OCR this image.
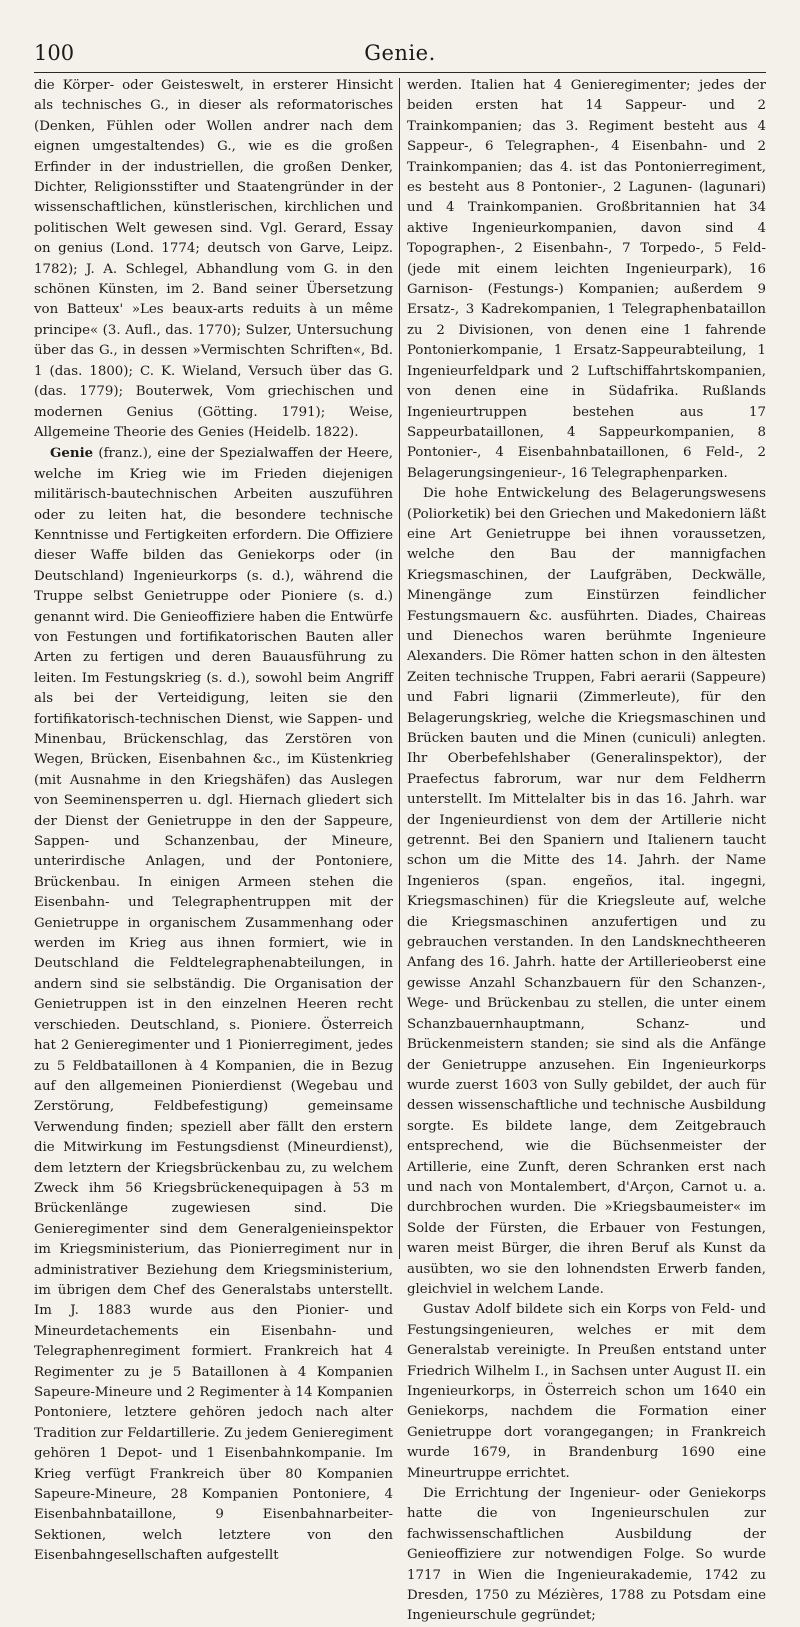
100	Genie.

die Körper- oder Geisteswelt, in ersterer Hinsicht als technisches G., in dieser als reformatorisches (Denken, Fühlen oder Wollen andrer nach dem eignen umgestaltendes) G., wie es die großen Erfinder in der industriellen, die großen Denker, Dichter, Religionsstifter und Staatengründer in der wissenschaftlichen, künstlerischen, kirchlichen und politischen Welt gewesen sind. Vgl. Gerard, Essay on genius (Lond. 1774; deutsch von Garve, Leipz. 1782); J. A. Schlegel, Abhandlung vom G. in den schönen Künsten, im 2. Band seiner Übersetzung von Batteux' »Les beaux-arts reduits à un même principe« (3. Aufl., das. 1770); Sulzer, Untersuchung über das G., in dessen »Vermischten Schriften«, Bd. 1 (das. 1800); C. K. Wieland, Versuch über das G. (das. 1779); Bouterwek, Vom griechischen und modernen Genius (Götting. 1791); Weise, Allgemeine Theorie des Genies (Heidelb. 1822).

Genie (franz.), eine der Spezialwaffen der Heere, welche im Krieg wie im Frieden diejenigen militärisch-bautechnischen Arbeiten auszuführen oder zu leiten hat, die besondere technische Kenntnisse und Fertigkeiten erfordern. Die Offiziere dieser Waffe bilden das Geniekorps oder (in Deutschland) Ingenieurkorps (s. d.), während die Truppe selbst Genietruppe oder Pioniere (s. d.) genannt wird. Die Genieoffiziere haben die Entwürfe von Festungen und fortifikatorischen Bauten aller Arten zu fertigen und deren Bauausführung zu leiten. Im Festungskrieg (s. d.), sowohl beim Angriff als bei der Verteidigung, leiten sie den fortifikatorisch-technischen Dienst, wie Sappen- und Minenbau, Brückenschlag, das Zerstören von Wegen, Brücken, Eisenbahnen &c., im Küstenkrieg (mit Ausnahme in den Kriegshäfen) das Auslegen von Seeminensperren u. dgl. Hiernach gliedert sich der Dienst der Genietruppe in den der Sappeure, Sappen- und Schanzenbau, der Mineure, unterirdische Anlagen, und der Pontoniere, Brückenbau. In einigen Armeen stehen die Eisenbahn- und Telegraphentruppen mit der Genietruppe in organischem Zusammenhang oder werden im Krieg aus ihnen formiert, wie in Deutschland die Feldtelegraphenabteilungen, in andern sind sie selbständig. Die Organisation der Genietruppen ist in den einzelnen Heeren recht verschieden. Deutschland, s. Pioniere. Österreich hat 2 Genieregimenter und 1 Pionierregiment, jedes zu 5 Feldbataillonen à 4 Kompanien, die in Bezug auf den allgemeinen Pionierdienst (Wegebau und Zerstörung, Feldbefestigung) gemeinsame Verwendung finden; speziell aber fällt den erstern die Mitwirkung im Festungsdienst (Mineurdienst), dem letztern der Kriegsbrückenbau zu, zu welchem Zweck ihm 56 Kriegsbrückenequipagen à 53 m Brückenlänge zugewiesen sind. Die Genieregimenter sind dem Generalgenieinspektor im Kriegsministerium, das Pionierregiment nur in administrativer Beziehung dem Kriegsministerium, im übrigen dem Chef des Generalstabs unterstellt. Im J. 1883 wurde aus den Pionier- und Mineurdetachements ein Eisenbahn- und Telegraphenregiment formiert. Frankreich hat 4 Regimenter zu je 5 Bataillonen à 4 Kompanien Sapeure-Mineure und 2 Regimenter à 14 Kompanien Pontoniere, letztere gehören jedoch nach alter Tradition zur Feldartillerie. Zu jedem Genieregiment gehören 1 Depot- und 1 Eisenbahnkompanie. Im Krieg verfügt Frankreich über 80 Kompanien Sapeure-Mineure, 28 Kompanien Pontoniere, 4 Eisenbahnbataillone, 9 Eisenbahnarbeiter-Sektionen, welch letztere von den Eisenbahngesellschaften aufgestellt

werden. Italien hat 4 Genieregimenter; jedes der beiden ersten hat 14 Sappeur- und 2 Trainkompanien; das 3. Regiment besteht aus 4 Sappeur-, 6 Telegraphen-, 4 Eisenbahn- und 2 Trainkompanien; das 4. ist das Pontonierregiment, es besteht aus 8 Pontonier-, 2 Lagunen- (lagunari) und 4 Trainkompanien. Großbritannien hat 34 aktive Ingenieurkompanien, davon sind 4 Topographen-, 2 Eisenbahn-, 7 Torpedo-, 5 Feld- (jede mit einem leichten Ingenieurpark), 16 Garnison- (Festungs-) Kompanien; außerdem 9 Ersatz-, 3 Kadrekompanien, 1 Telegraphenbataillon zu 2 Divisionen, von denen eine 1 fahrende Pontonierkompanie, 1 Ersatz-Sappeurabteilung, 1 Ingenieurfeldpark und 2 Luftschiffahrtskompanien, von denen eine in Südafrika. Rußlands Ingenieurtruppen bestehen aus 17 Sappeurbataillonen, 4 Sappeurkompanien, 8 Pontonier-, 4 Eisenbahnbataillonen, 6 Feld-, 2 Belagerungsingenieur-, 16 Telegraphenparken.

Die hohe Entwickelung des Belagerungswesens (Poliorketik) bei den Griechen und Makedoniern läßt eine Art Genietruppe bei ihnen voraussetzen, welche den Bau der mannigfachen Kriegsmaschinen, der Laufgräben, Deckwälle, Minengänge zum Einstürzen feindlicher Festungsmauern &c. ausführten. Diades, Chaireas und Dienechos waren berühmte Ingenieure Alexanders. Die Römer hatten schon in den ältesten Zeiten technische Truppen, Fabri aerarii (Sappeure) und Fabri lignarii (Zimmerleute), für den Belagerungskrieg, welche die Kriegsmaschinen und Brücken bauten und die Minen (cuniculi) anlegten. Ihr Oberbefehlshaber (Generalinspektor), der Praefectus fabrorum, war nur dem Feldherrn unterstellt. Im Mittelalter bis in das 16. Jahrh. war der Ingenieurdienst von dem der Artillerie nicht getrennt. Bei den Spaniern und Italienern taucht schon um die Mitte des 14. Jahrh. der Name Ingenieros (span. engeños, ital. ingegni, Kriegsmaschinen) für die Kriegsleute auf, welche die Kriegsmaschinen anzufertigen und zu gebrauchen verstanden. In den Landsknechtheeren Anfang des 16. Jahrh. hatte der Artillerieoberst eine gewisse Anzahl Schanzbauern für den Schanzen-, Wege- und Brückenbau zu stellen, die unter einem Schanzbauernhauptmann, Schanz- und Brückenmeistern standen; sie sind als die Anfänge der Genietruppe anzusehen. Ein Ingenieurkorps wurde zuerst 1603 von Sully gebildet, der auch für dessen wissenschaftliche und technische Ausbildung sorgte. Es bildete lange, dem Zeitgebrauch entsprechend, wie die Büchsenmeister der Artillerie, eine Zunft, deren Schranken erst nach und nach von Montalembert, d'Arçon, Carnot u. a. durchbrochen wurden. Die »Kriegsbaumeister« im Solde der Fürsten, die Erbauer von Festungen, waren meist Bürger, die ihren Beruf als Kunst da ausübten, wo sie den lohnendsten Erwerb fanden, gleichviel in welchem Lande.

Gustav Adolf bildete sich ein Korps von Feld- und Festungsingenieuren, welches er mit dem Generalstab vereinigte. In Preußen entstand unter Friedrich Wilhelm I., in Sachsen unter August II. ein Ingenieurkorps, in Österreich schon um 1640 ein Geniekorps, nachdem die Formation einer Genietruppe dort vorangegangen; in Frankreich wurde 1679, in Brandenburg 1690 eine Mineurtruppe errichtet.

Die Errichtung der Ingenieur- oder Geniekorps hatte die von Ingenieurschulen zur fachwissenschaftlichen Ausbildung der Genieoffiziere zur notwendigen Folge. So wurde 1717 in Wien die Ingenieurakademie, 1742 zu Dresden, 1750 zu Mézières, 1788 zu Potsdam eine Ingenieurschule gegründet;
